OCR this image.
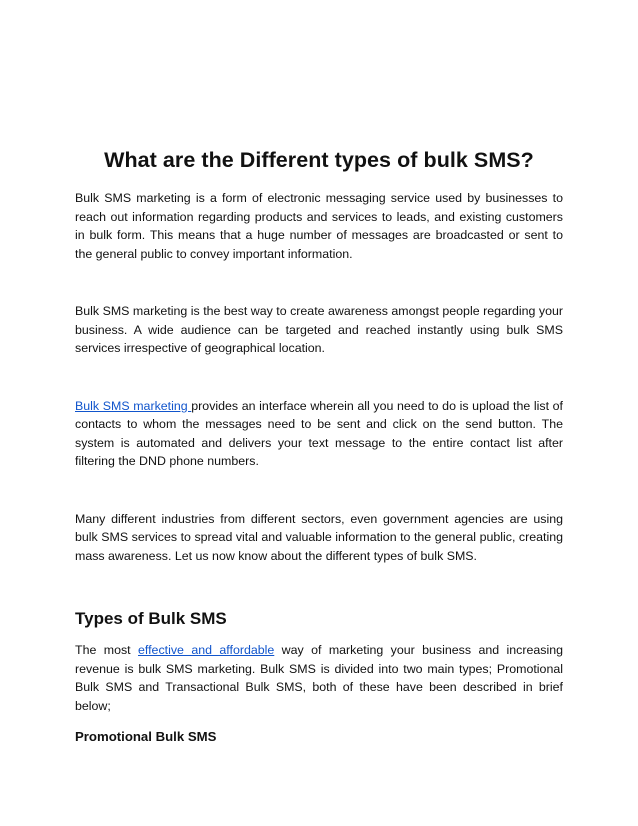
What are the Different types of bulk SMS?

Bulk SMS marketing is a form of electronic messaging service used by businesses to reach out information regarding products and services to leads, and existing customers in bulk form. This means that a huge number of messages are broadcasted or sent to the general public to convey important information.

Bulk SMS marketing is the best way to create awareness amongst people regarding your business. A wide audience can be targeted and reached instantly using bulk SMS services irrespective of geographical location.

Bulk SMS marketing provides an interface wherein all you need to do is upload the list of contacts to whom the messages need to be sent and click on the send button. The system is automated and delivers your text message to the entire contact list after filtering the DND phone numbers.

Many different industries from different sectors, even government agencies are using bulk SMS services to spread vital and valuable information to the general public, creating mass awareness. Let us now know about the different types of bulk SMS.

Types of Bulk SMS

The most effective and affordable way of marketing your business and increasing revenue is bulk SMS marketing. Bulk SMS is divided into two main types; Promotional Bulk SMS and Transactional Bulk SMS, both of these have been described in brief below;

Promotional Bulk SMS
